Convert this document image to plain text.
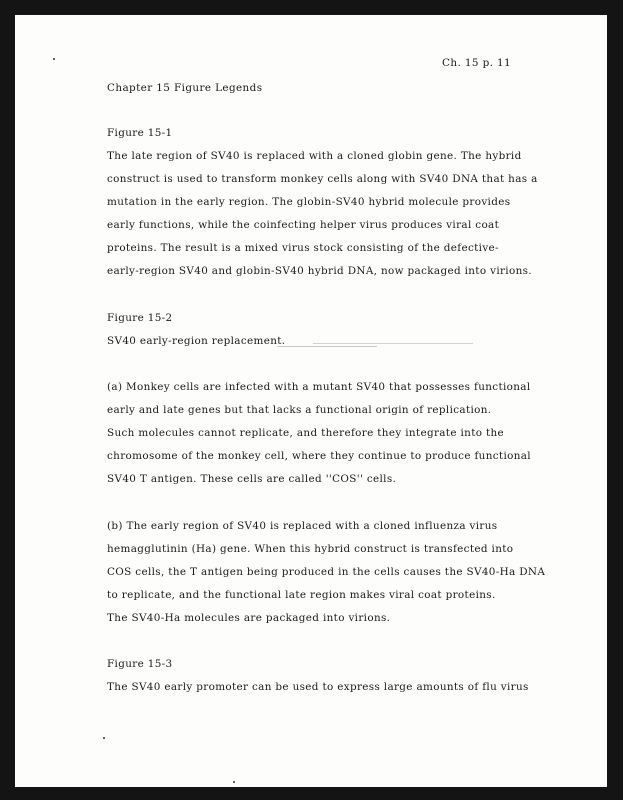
Ch. 15 p. 11
Chapter 15 Figure Legends
Figure 15-1
The late region of SV40 is replaced with a cloned globin gene. The hybrid
construct is used to transform monkey cells along with SV40 DNA that has a
mutation in the early region. The globin-SV40 hybrid molecule provides
early functions, while the coinfecting helper virus produces viral coat
proteins. The result is a mixed virus stock consisting of the defective-
early-region SV40 and globin-SV40 hybrid DNA, now packaged into virions.
Figure 15-2
SV40 early-region replacement.
(a) Monkey cells are infected with a mutant SV40 that possesses functional
early and late genes but that lacks a functional origin of replication.
Such molecules cannot replicate, and therefore they integrate into the
chromosome of the monkey cell, where they continue to produce functional
SV40 T antigen. These cells are called ''COS'' cells.
(b) The early region of SV40 is replaced with a cloned influenza virus
hemagglutinin (Ha) gene. When this hybrid construct is transfected into
COS cells, the T antigen being produced in the cells causes the SV40-Ha DNA
to replicate, and the functional late region makes viral coat proteins.
The SV40-Ha molecules are packaged into virions.
Figure 15-3
The SV40 early promoter can be used to express large amounts of flu virus
